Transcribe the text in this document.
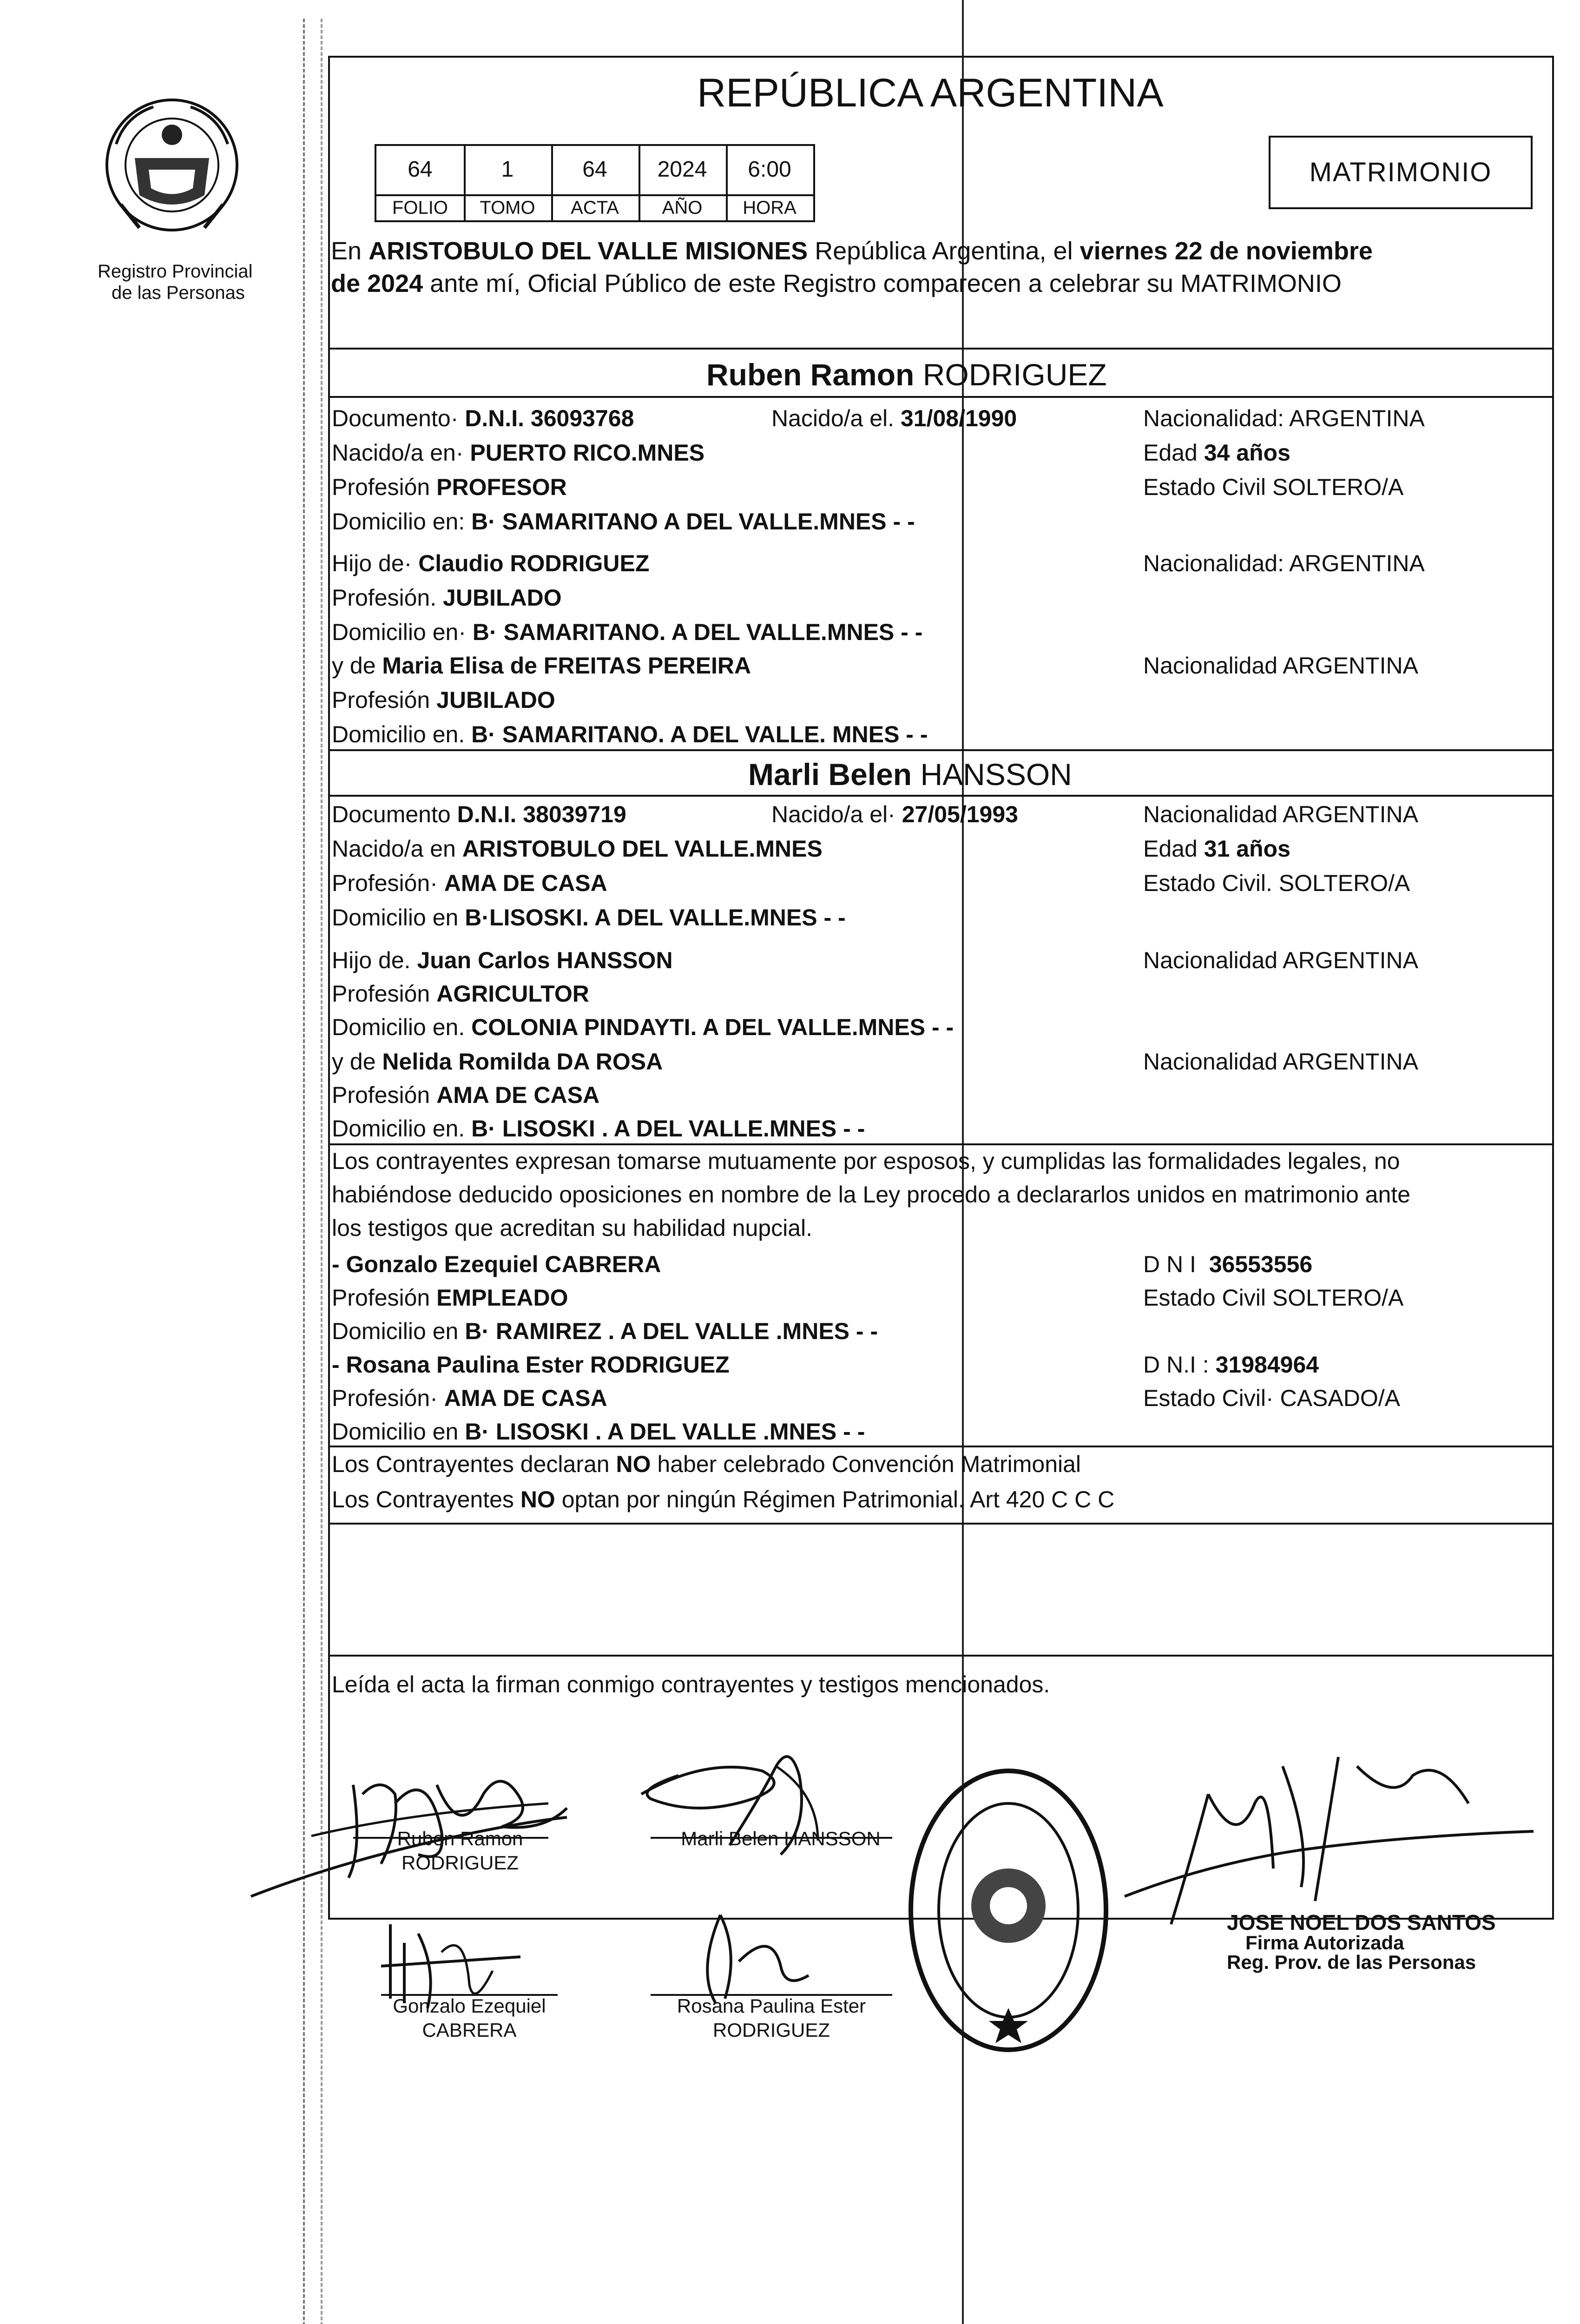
Registro Provincial
de las Personas
REPÚBLICA ARGENTINA
MATRIMONIO
64	1	64	2024	6:00
FOLIO	TOMO	ACTA	AÑO	HORA
En ARISTOBULO DEL VALLE MISIONES República Argentina, el viernes 22 de noviembre
de 2024 ante mí, Oficial Público de este Registro comparecen a celebrar su MATRIMONIO
Ruben Ramon RODRIGUEZ
Documento· D.N.I. 36093768	Nacido/a el. 31/08/1990	Nacionalidad: ARGENTINA
Nacido/a en· PUERTO RICO.MNES	Edad 34 años
Profesión PROFESOR	Estado Civil SOLTERO/A
Domicilio en: B· SAMARITANO A DEL VALLE.MNES - -
Hijo de· Claudio RODRIGUEZ	Nacionalidad: ARGENTINA
Profesión. JUBILADO
Domicilio en· B· SAMARITANO. A DEL VALLE.MNES - -
y de Maria Elisa de FREITAS PEREIRA	Nacionalidad ARGENTINA
Profesión JUBILADO
Domicilio en. B· SAMARITANO. A DEL VALLE. MNES - -
Marli Belen HANSSON
Documento D.N.I. 38039719	Nacido/a el· 27/05/1993	Nacionalidad ARGENTINA
Nacido/a en ARISTOBULO DEL VALLE.MNES	Edad 31 años
Profesión· AMA DE CASA	Estado Civil. SOLTERO/A
Domicilio en B·LISOSKI. A DEL VALLE.MNES - -
Hijo de. Juan Carlos HANSSON	Nacionalidad ARGENTINA
Profesión AGRICULTOR
Domicilio en. COLONIA PINDAYTI. A DEL VALLE.MNES - -
y de Nelida Romilda DA ROSA	Nacionalidad ARGENTINA
Profesión AMA DE CASA
Domicilio en. B· LISOSKI . A DEL VALLE.MNES - -
Los contrayentes expresan tomarse mutuamente por esposos, y cumplidas las formalidades legales, no
habiéndose deducido oposiciones en nombre de la Ley procedo a declararlos unidos en matrimonio ante
los testigos que acreditan su habilidad nupcial.
- Gonzalo Ezequiel CABRERA	D N I 36553556
Profesión EMPLEADO	Estado Civil SOLTERO/A
Domicilio en B· RAMIREZ . A DEL VALLE .MNES - -
- Rosana Paulina Ester RODRIGUEZ	D N.I : 31984964
Profesión· AMA DE CASA	Estado Civil· CASADO/A
Domicilio en B· LISOSKI . A DEL VALLE .MNES - -
Los Contrayentes declaran NO haber celebrado Convención Matrimonial
Los Contrayentes NO optan por ningún Régimen Patrimonial. Art 420 C C C
Leída el acta la firman conmigo contrayentes y testigos mencionados.
Ruben Ramon
RODRIGUEZ
Marli Belen HANSSON
Gonzalo Ezequiel
CABRERA
Rosana Paulina Ester
RODRIGUEZ
JOSE NOEL DOS SANTOS
Firma Autorizada
Reg. Prov. de las Personas
